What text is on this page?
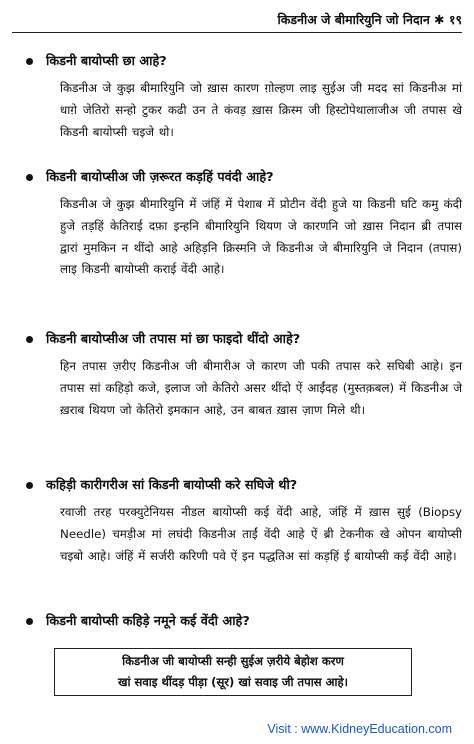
किडनीअ जे बीमारियुनि जो निदान ✱ १९
किडनी बायोप्सी छा आहे?
किडनीअ जे कुझ बीमारियुनि जो ख़ास कारण ग़ोल्हण लाइ सुईअ जी मदद सां किडनीअ मां धाग़े जेतिरो सन्हो टुकर कढी उन ते कंवड़ ख़ास क्रिस्म जी हिस्टोपेथालाजीअ जी तपास खे किडनी बायोप्सी चइजे थो।
किडनी बायोप्सीअ जी ज़रूरत कड़हिं पवंदी आहे?
किडनीअ जे कुझ बीमारियुनि में जंहिं में पेशाब में प्रोटीन वेंदी हुजे या किडनी घटि कमु कंदी हुजे तड़हिं केतिराई दफ़ा इन्हनि बीमारियुनि थियण जे कारणनि जो ख़ास निदान ब्री तपास द्वारां मुमकिन न थींदो आहे अहिड़नि क्रिस्मनि जे किडनीअ जे बीमारियुनि जे निदान (तपास) लाइ किडनी बायोप्सी कराई वेंदी आहे।
किडनी बायोप्सीअ जी तपास मां छा फाइदो थींदो आहे?
हिन तपास ज़रीए किडनीअ जी बीमारीअ जे कारण जी पकी तपास करे सघिबी आहे। इन तपास सां कहिड़ो कजे, इलाज जो केतिरो असर थींदो ऐं आईंदह (मुस्तक़बल) में किडनीअ जे ख़राब थियण जो केतिरो इमकान आहे, उन बाबत ख़ास ज़ाण मिले थी।
कहिड़ी कारीगरीअ सां किडनी बायोप्सी करे सघिजे थी?
रवाजी तरह परक्युटेनियस नीडल बायोप्सी कई वेंदी आहे, जंहिं में ख़ास सुई (Biopsy Needle) चमड़ीअ मां लघंदी किडनीअ ताईं वेंदी आहे ऐं ब्री टेकनीक खे ओपन बायोप्सी चइबो आहे। जंहिं में सर्जरी करिणी पवे ऐं इन पद्धतिअ सां कड़हिं ई बायोप्सी कई वेंदी आहे।
किडनी बायोप्सी कहिड़े नमूने कई वेंदी आहे?
किडनीअ जी बायोप्सी सन्ही सुईअ ज़रीये बेहोश करण
खां सवाइ थींदड़ पीड़ा (सूर) खां सवाइ जी तपास आहे।
Visit : www.KidneyEducation.com
